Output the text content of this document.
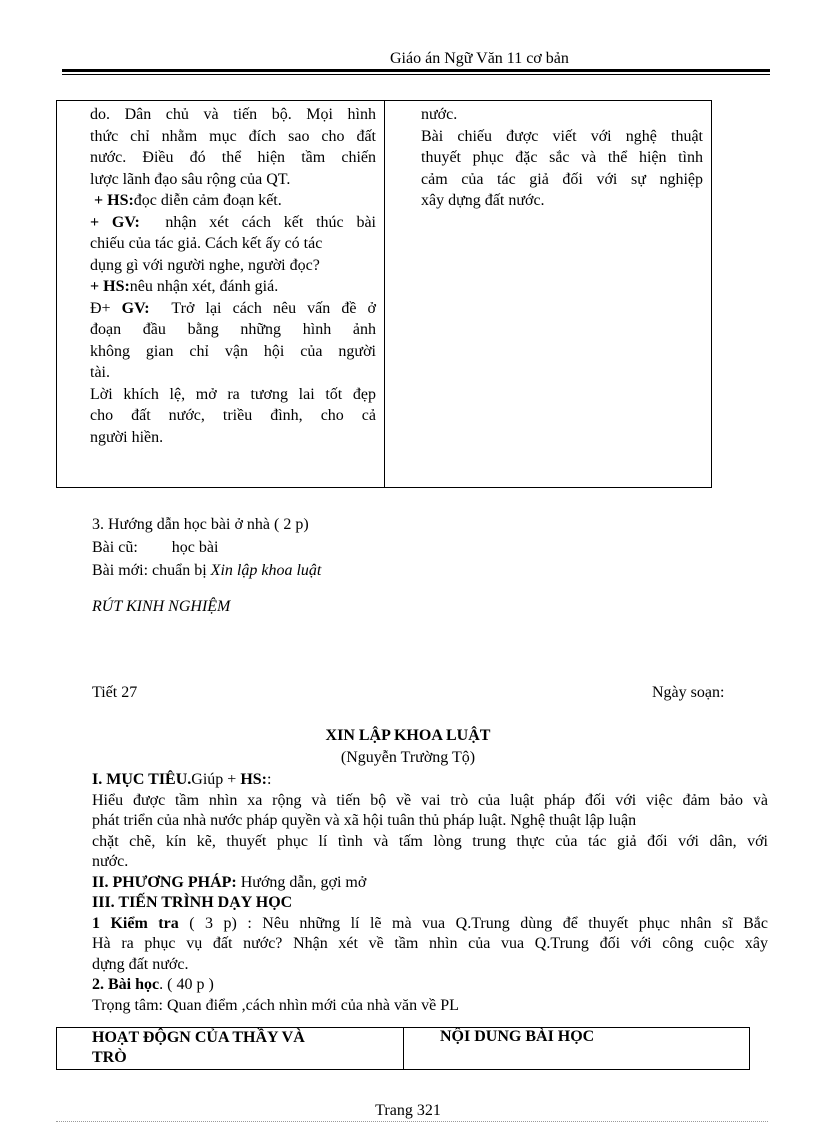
Giáo án Ngữ Văn 11 cơ bản
do. Dân chủ và tiến bộ. Mọi hình
thức chỉ nhằm mục đích sao cho đất
nước. Điều đó thể hiện tầm chiến
lược lãnh đạo sâu rộng của QT.
+ HS:đọc diễn cảm đoạn kết.
+ GV: nhận xét cách kết thúc bài
chiếu của tác giả. Cách kết ấy có tác
dụng gì với người nghe, người đọc?
+ HS:nêu nhận xét, đánh giá.
Đ+ GV: Trở lại cách nêu vấn đề ở
đoạn đầu bằng những hình ảnh
không gian chỉ vận hội của người
tài.
Lời khích lệ, mở ra tương lai tốt đẹp
cho đất nước, triều đình, cho cả
người hiền.
nước.
Bài chiếu được viết với nghệ thuật
thuyết phục đặc sắc và thể hiện tình
cảm của tác giả đối với sự nghiệp
xây dựng đất nước.
3. Hướng dẫn học bài ở nhà ( 2 p)
Bài cũ: học bài
Bài mới: chuẩn bị Xin lập khoa luật
RÚT KINH NGHIỆM
Tiết 27	Ngày soạn:
XIN LẬP KHOA LUẬT
(Nguyễn Trường Tộ)
I. MỤC TIÊU.Giúp + HS::
Hiểu được tầm nhìn xa rộng và tiến bộ về vai trò của luật pháp đối với việc đảm bảo và
phát triển của nhà nước pháp quyền và xã hội tuân thủ pháp luật. Nghệ thuật lập luận
chặt chẽ, kín kẽ, thuyết phục lí tình và tấm lòng trung thực của tác giả đối với dân, với
nước.
II. PHƯƠNG PHÁP: Hướng dẫn, gợi mở
III. TIẾN TRÌNH DẠY HỌC
1 Kiểm tra ( 3 p) : Nêu những lí lẽ mà vua Q.Trung dùng để thuyết phục nhân sĩ Bắc
Hà ra phục vụ đất nước? Nhận xét về tầm nhìn của vua Q.Trung đối với công cuộc xây
dựng đất nước.
2. Bài học. ( 40 p )
Trọng tâm: Quan điểm ,cách nhìn mới của nhà văn về PL
HOẠT ĐỘGN CỦA THẦY VÀ
TRÒ
NỘI DUNG BÀI HỌC
Trang 321
